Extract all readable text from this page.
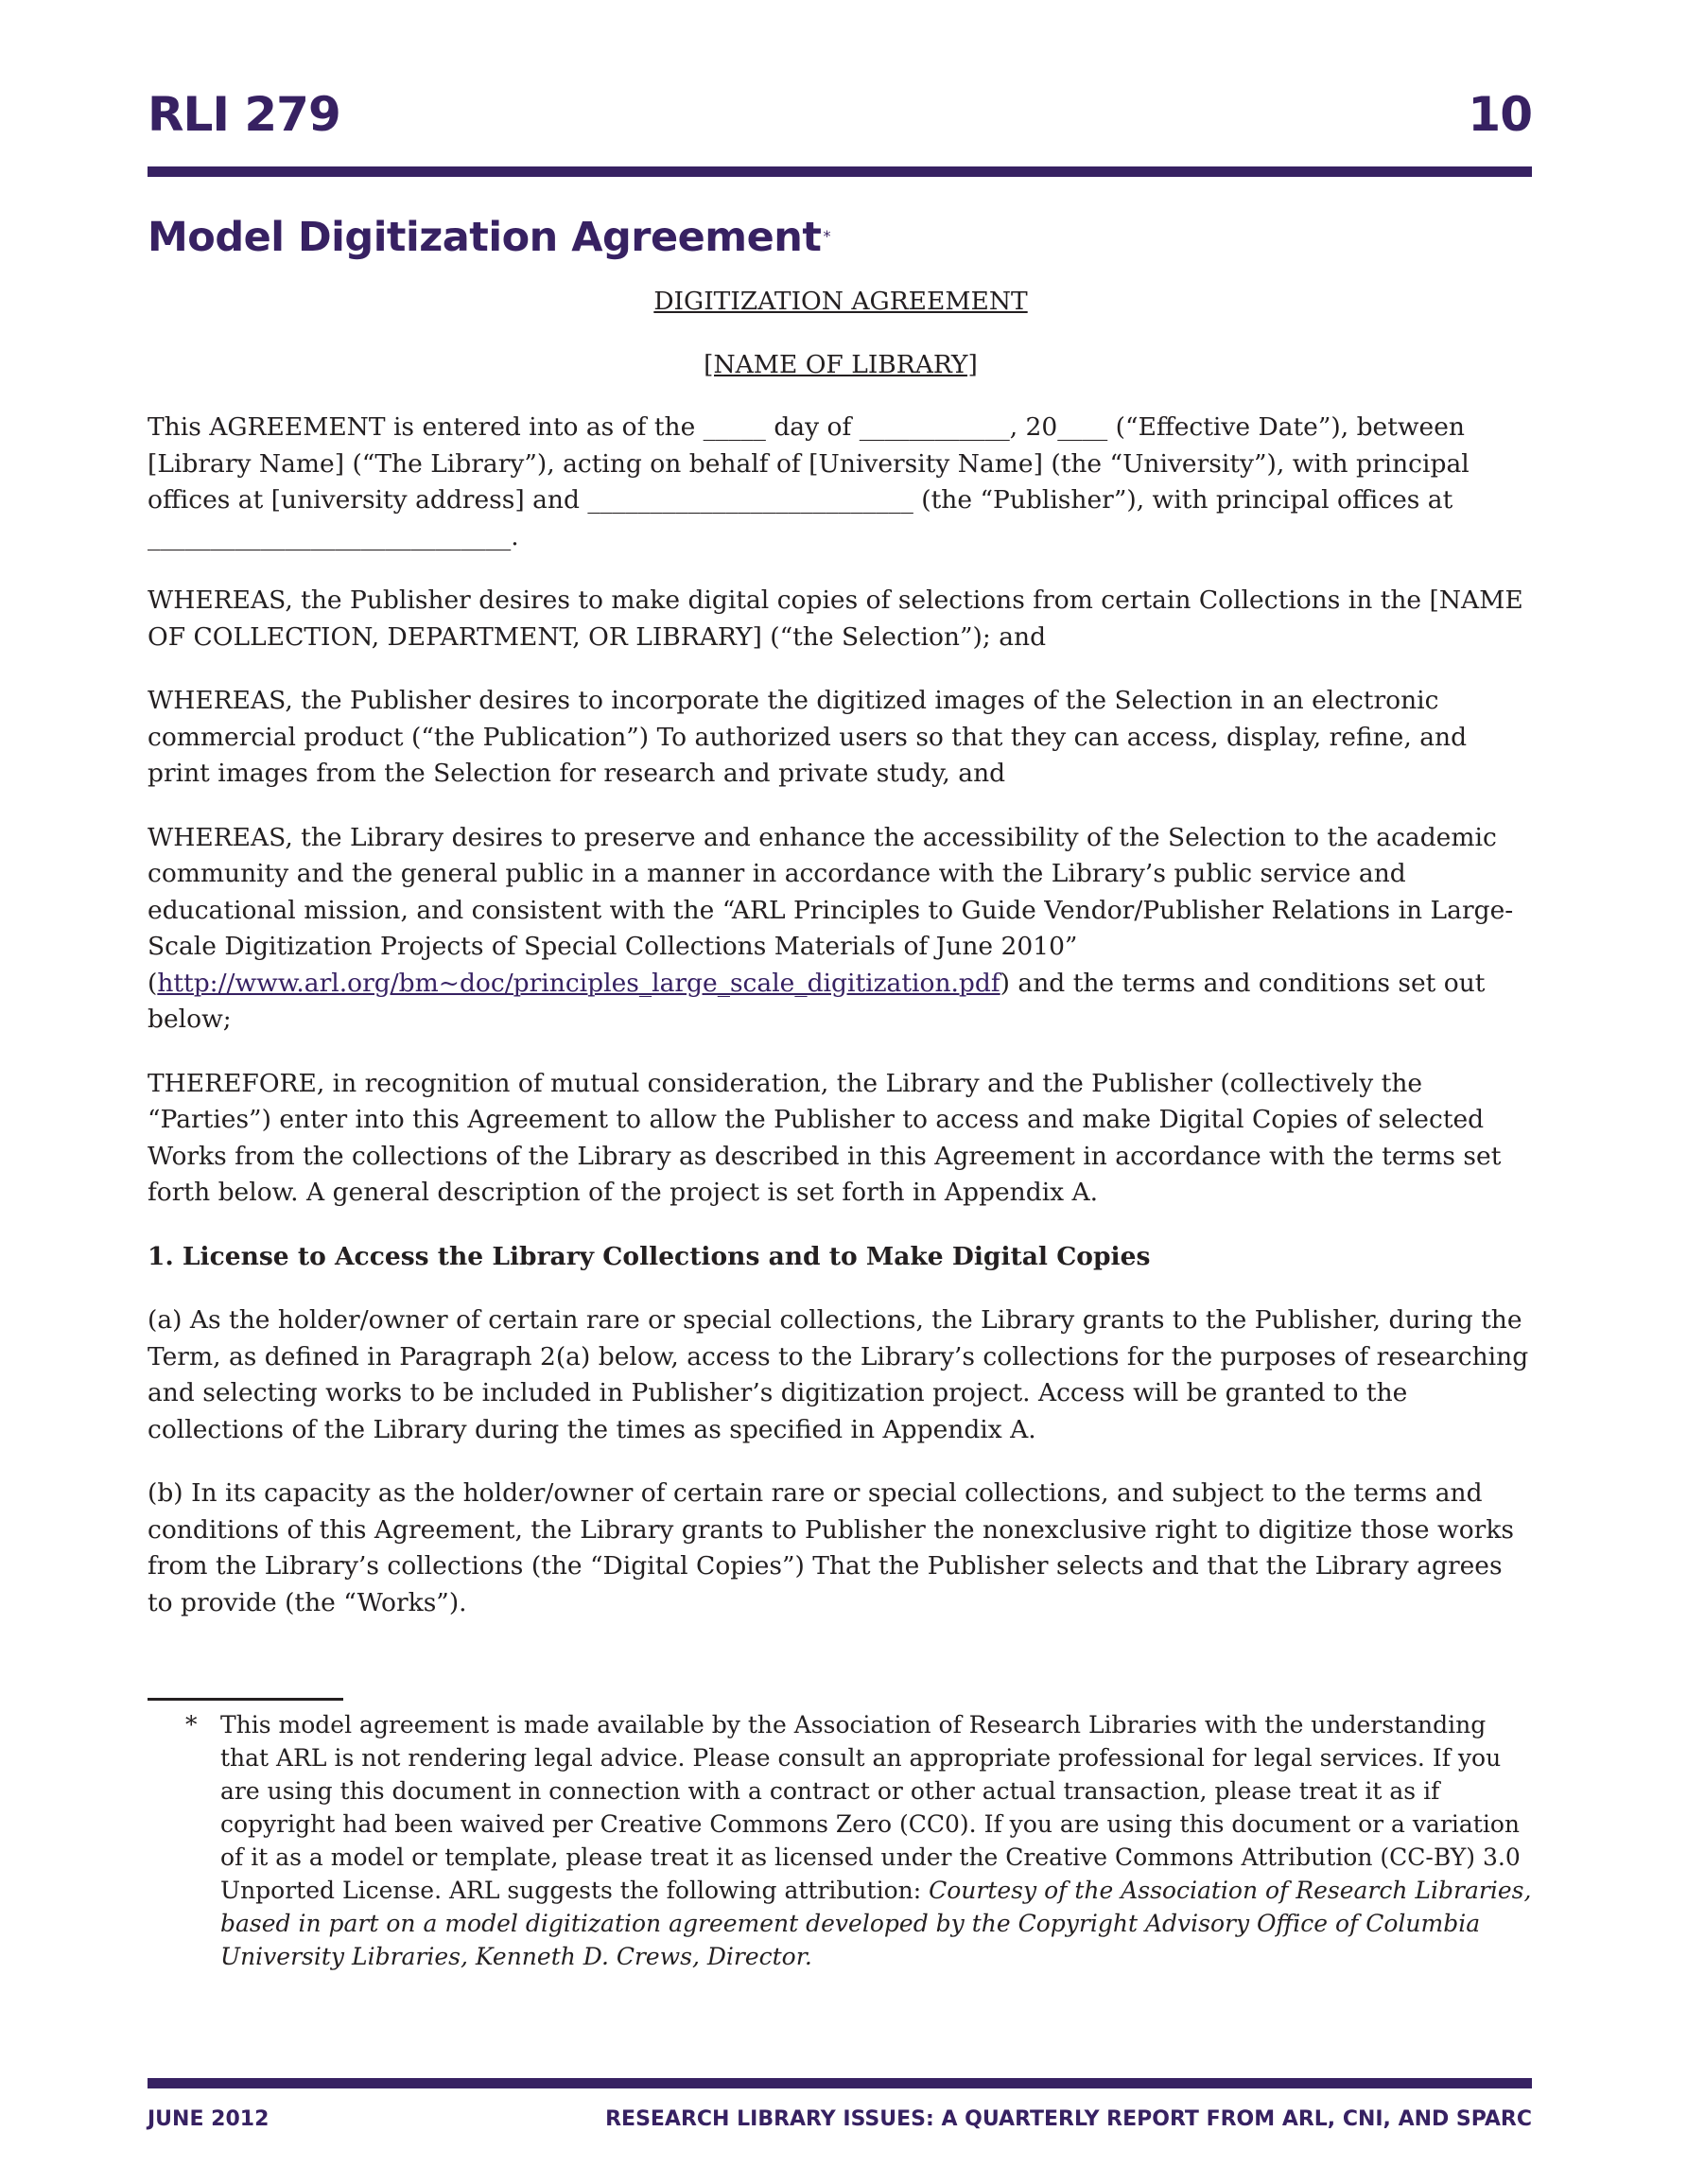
RLI 279	10
Model Digitization Agreement *
DIGITIZATION AGREEMENT
[NAME OF LIBRARY]

This AGREEMENT is entered into as of the _____ day of ____________, 20____ (“Effective Date”), between [Library Name] (“The Library”), acting on behalf of [University Name] (the “University”), with principal offices at [university address] and __________________________ (the “Publisher”), with principal offices at _____________________________.

WHEREAS, the Publisher desires to make digital copies of selections from certain Collections in the [NAME OF COLLECTION, DEPARTMENT, OR LIBRARY] (“the Selection”); and

WHEREAS, the Publisher desires to incorporate the digitized images of the Selection in an electronic commercial product (“the Publication”) To authorized users so that they can access, display, refine, and print images from the Selection for research and private study, and

WHEREAS, the Library desires to preserve and enhance the accessibility of the Selection to the academic community and the general public in a manner in accordance with the Library’s public service and educational mission, and consistent with the “ARL Principles to Guide Vendor/Publisher Relations in Large-Scale Digitization Projects of Special Collections Materials of June 2010” (http://www.arl.org/bm~doc/principles_large_scale_digitization.pdf) and the terms and conditions set out below;

THEREFORE, in recognition of mutual consideration, the Library and the Publisher (collectively the “Parties”) enter into this Agreement to allow the Publisher to access and make Digital Copies of selected Works from the collections of the Library as described in this Agreement in accordance with the terms set forth below. A general description of the project is set forth in Appendix A.

1. License to Access the Library Collections and to Make Digital Copies

(a) As the holder/owner of certain rare or special collections, the Library grants to the Publisher, during the Term, as defined in Paragraph 2(a) below, access to the Library’s collections for the purposes of researching and selecting works to be included in Publisher’s digitization project. Access will be granted to the collections of the Library during the times as specified in Appendix A.

(b) In its capacity as the holder/owner of certain rare or special collections, and subject to the terms and conditions of this Agreement, the Library grants to Publisher the nonexclusive right to digitize those works from the Library’s collections (the “Digital Copies”) That the Publisher selects and that the Library agrees to provide (the “Works”).

* This model agreement is made available by the Association of Research Libraries with the understanding that ARL is not rendering legal advice. Please consult an appropriate professional for legal services. If you are using this document in connection with a contract or other actual transaction, please treat it as if copyright had been waived per Creative Commons Zero (CC0). If you are using this document or a variation of it as a model or template, please treat it as licensed under the Creative Commons Attribution (CC-BY) 3.0 Unported License. ARL suggests the following attribution: Courtesy of the Association of Research Libraries, based in part on a model digitization agreement developed by the Copyright Advisory Office of Columbia University Libraries, Kenneth D. Crews, Director.
JUNE 2012	RESEARCH LIBRARY ISSUES: A QUARTERLY REPORT FROM ARL, CNI, AND SPARC
